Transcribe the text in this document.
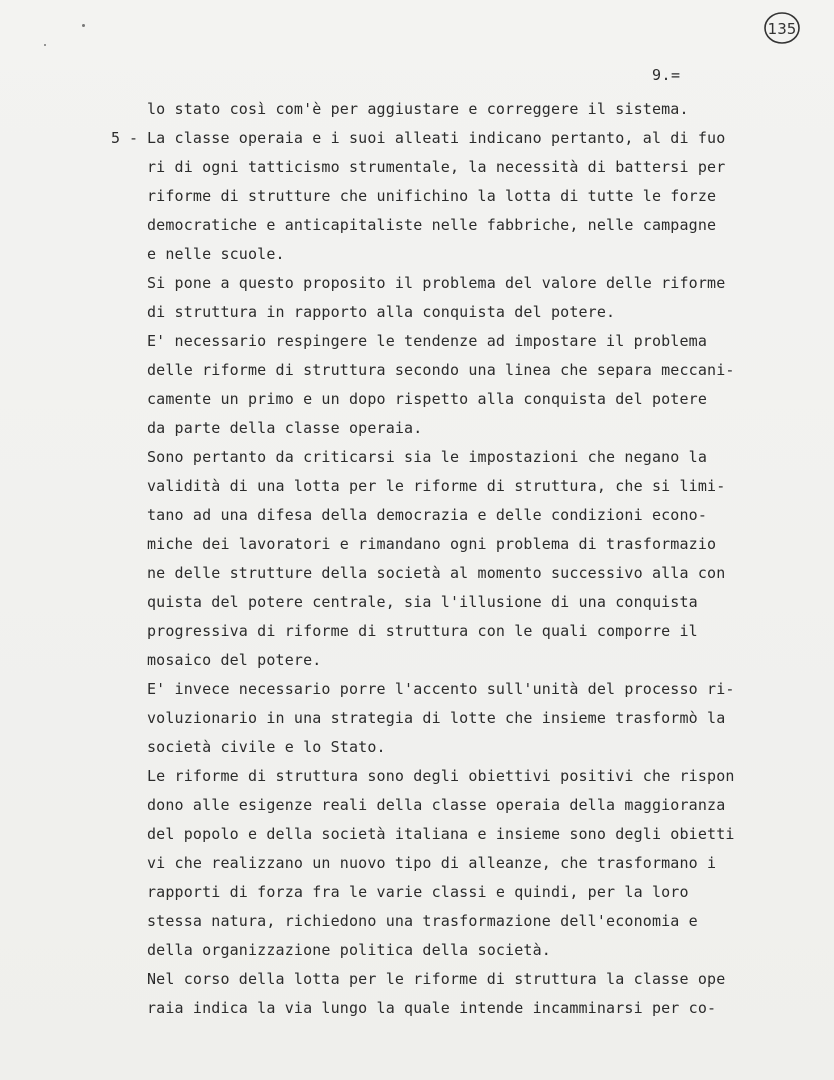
135
9.=
5 -
lo stato così com'è per aggiustare e correggere il sistema.
La classe operaia e i suoi alleati indicano pertanto, al di fuo
ri di ogni tatticismo strumentale, la necessità di battersi per
riforme di strutture che unifichino la lotta di tutte le forze
democratiche e anticapitaliste nelle fabbriche, nelle campagne
e nelle scuole.
Si pone a questo proposito il problema del valore delle riforme
di struttura in rapporto alla conquista del potere.
E' necessario respingere le tendenze ad impostare il problema
delle riforme di struttura secondo una linea che separa meccani-
camente un primo e un dopo rispetto alla conquista del potere
da parte della classe operaia.
Sono pertanto da criticarsi sia le impostazioni che negano la
validità di una lotta per le riforme di struttura, che si limi-
tano ad una difesa della democrazia e delle condizioni econo-
miche dei lavoratori e rimandano ogni problema di trasformazio
ne delle strutture della società al momento successivo alla con
quista del potere centrale, sia l'illusione di una conquista
progressiva di riforme di struttura con le quali comporre il
mosaico del potere.
E' invece necessario porre l'accento sull'unità del processo ri-
voluzionario in una strategia di lotte che insieme trasformò la
società civile e lo Stato.
Le riforme di struttura sono degli obiettivi positivi che rispon
dono alle esigenze reali della classe operaia della maggioranza
del popolo e della società italiana e insieme sono degli obietti
vi che realizzano un nuovo tipo di alleanze, che trasformano i
rapporti di forza fra le varie classi e quindi, per la loro
stessa natura, richiedono una trasformazione dell'economia e
della organizzazione politica della società.
Nel corso della lotta per le riforme di struttura la classe ope
raia indica la via lungo la quale intende incamminarsi per co-
